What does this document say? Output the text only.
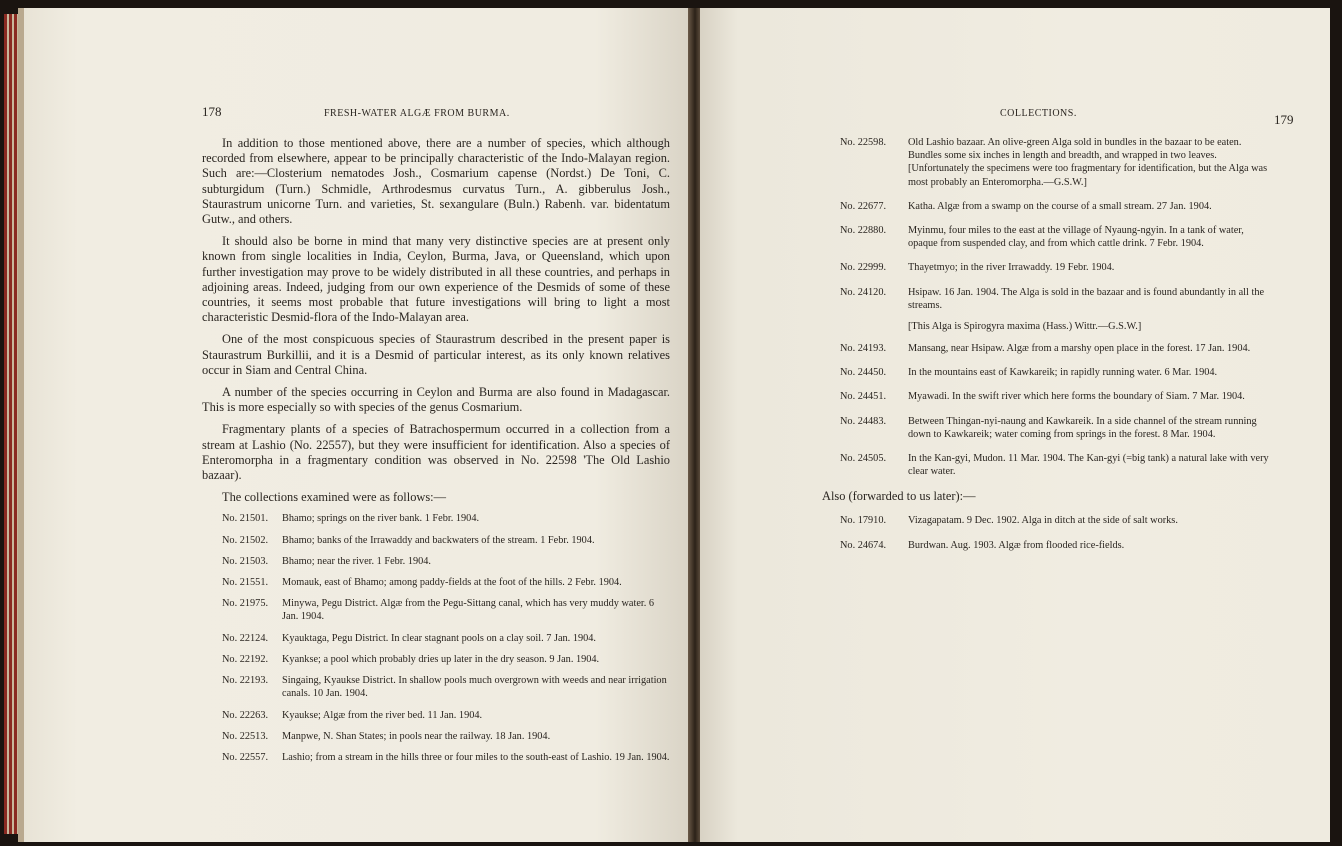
178	FRESH-WATER ALGÆ FROM BURMA.

In addition to those mentioned above, there are a number of species, which although recorded from elsewhere, appear to be principally characteristic of the Indo-Malayan region. Such are:—Closterium nematodes Josh., Cosmarium capense (Nordst.) De Toni, C. subturgidum (Turn.) Schmidle, Arthrodesmus curvatus Turn., A. gibberulus Josh., Staurastrum unicorne Turn. and varieties, St. sexangulare (Buln.) Rabenh. var. bidentatum Gutw., and others.

It should also be borne in mind that many very distinctive species are at present only known from single localities in India, Ceylon, Burma, Java, or Queensland, which upon further investigation may prove to be widely distributed in all these countries, and perhaps in adjoining areas. Indeed, judging from our own experience of the Desmids of some of these countries, it seems most probable that future investigations will bring to light a most characteristic Desmid-flora of the Indo-Malayan area.

One of the most conspicuous species of Staurastrum described in the present paper is Staurastrum Burkillii, and it is a Desmid of particular interest, as its only known relatives occur in Siam and Central China.

A number of the species occurring in Ceylon and Burma are also found in Madagascar. This is more especially so with species of the genus Cosmarium.

Fragmentary plants of a species of Batrachospermum occurred in a collection from a stream at Lashio (No. 22557), but they were insufficient for identification. Also a species of Enteromorpha in a fragmentary condition was observed in No. 22598 'The Old Lashio bazaar).

The collections examined were as follows:—

No. 21501.	Bhamo; springs on the river bank. 1 Febr. 1904.
No. 21502.	Bhamo; banks of the Irrawaddy and backwaters of the stream. 1 Febr. 1904.
No. 21503.	Bhamo; near the river. 1 Febr. 1904.
No. 21551.	Momauk, east of Bhamo; among paddy-fields at the foot of the hills. 2 Febr. 1904.
No. 21975.	Minywa, Pegu District. Algæ from the Pegu-Sittang canal, which has very muddy water. 6 Jan. 1904.
No. 22124.	Kyauktaga, Pegu District. In clear stagnant pools on a clay soil. 7 Jan. 1904.
No. 22192.	Kyankse; a pool which probably dries up later in the dry season. 9 Jan. 1904.
No. 22193.	Singaing, Kyaukse District. In shallow pools much overgrown with weeds and near irrigation canals. 10 Jan. 1904.
No. 22263.	Kyaukse; Algæ from the river bed. 11 Jan. 1904.
No. 22513.	Manpwe, N. Shan States; in pools near the railway. 18 Jan. 1904.
No. 22557.	Lashio; from a stream in the hills three or four miles to the south-east of Lashio. 19 Jan. 1904.
COLLECTIONS.	179
No. 22598.	Old Lashio bazaar. An olive-green Alga sold in bundles in the bazaar to be eaten. Bundles some six inches in length and breadth, and wrapped in two leaves. [Unfortunately the specimens were too fragmentary for identification, but the Alga was most probably an Enteromorpha.—G.S.W.]
No. 22677.	Katha. Algæ from a swamp on the course of a small stream. 27 Jan. 1904.
No. 22880.	Myinmu, four miles to the east at the village of Nyaung-ngyin. In a tank of water, opaque from suspended clay, and from which cattle drink. 7 Febr. 1904.
No. 22999.	Thayetmyo; in the river Irrawaddy. 19 Febr. 1904.
No. 24120.	Hsipaw. 16 Jan. 1904. The Alga is sold in the bazaar and is found abundantly in all the streams.
[This Alga is Spirogyra maxima (Hass.) Wittr.—G.S.W.]
No. 24193.	Mansang, near Hsipaw. Algæ from a marshy open place in the forest. 17 Jan. 1904.
No. 24450.	In the mountains east of Kawkareik; in rapidly running water. 6 Mar. 1904.
No. 24451.	Myawadi. In the swift river which here forms the boundary of Siam. 7 Mar. 1904.
No. 24483.	Between Thingan-nyi-naung and Kawkareik. In a side channel of the stream running down to Kawkareik; water coming from springs in the forest. 8 Mar. 1904.
No. 24505.	In the Kan-gyi, Mudon. 11 Mar. 1904. The Kan-gyi (=big tank) a natural lake with very clear water.
Also (forwarded to us later):—
No. 17910.	Vizagapatam. 9 Dec. 1902. Alga in ditch at the side of salt works.
No. 24674.	Burdwan. Aug. 1903. Algæ from flooded rice-fields.
